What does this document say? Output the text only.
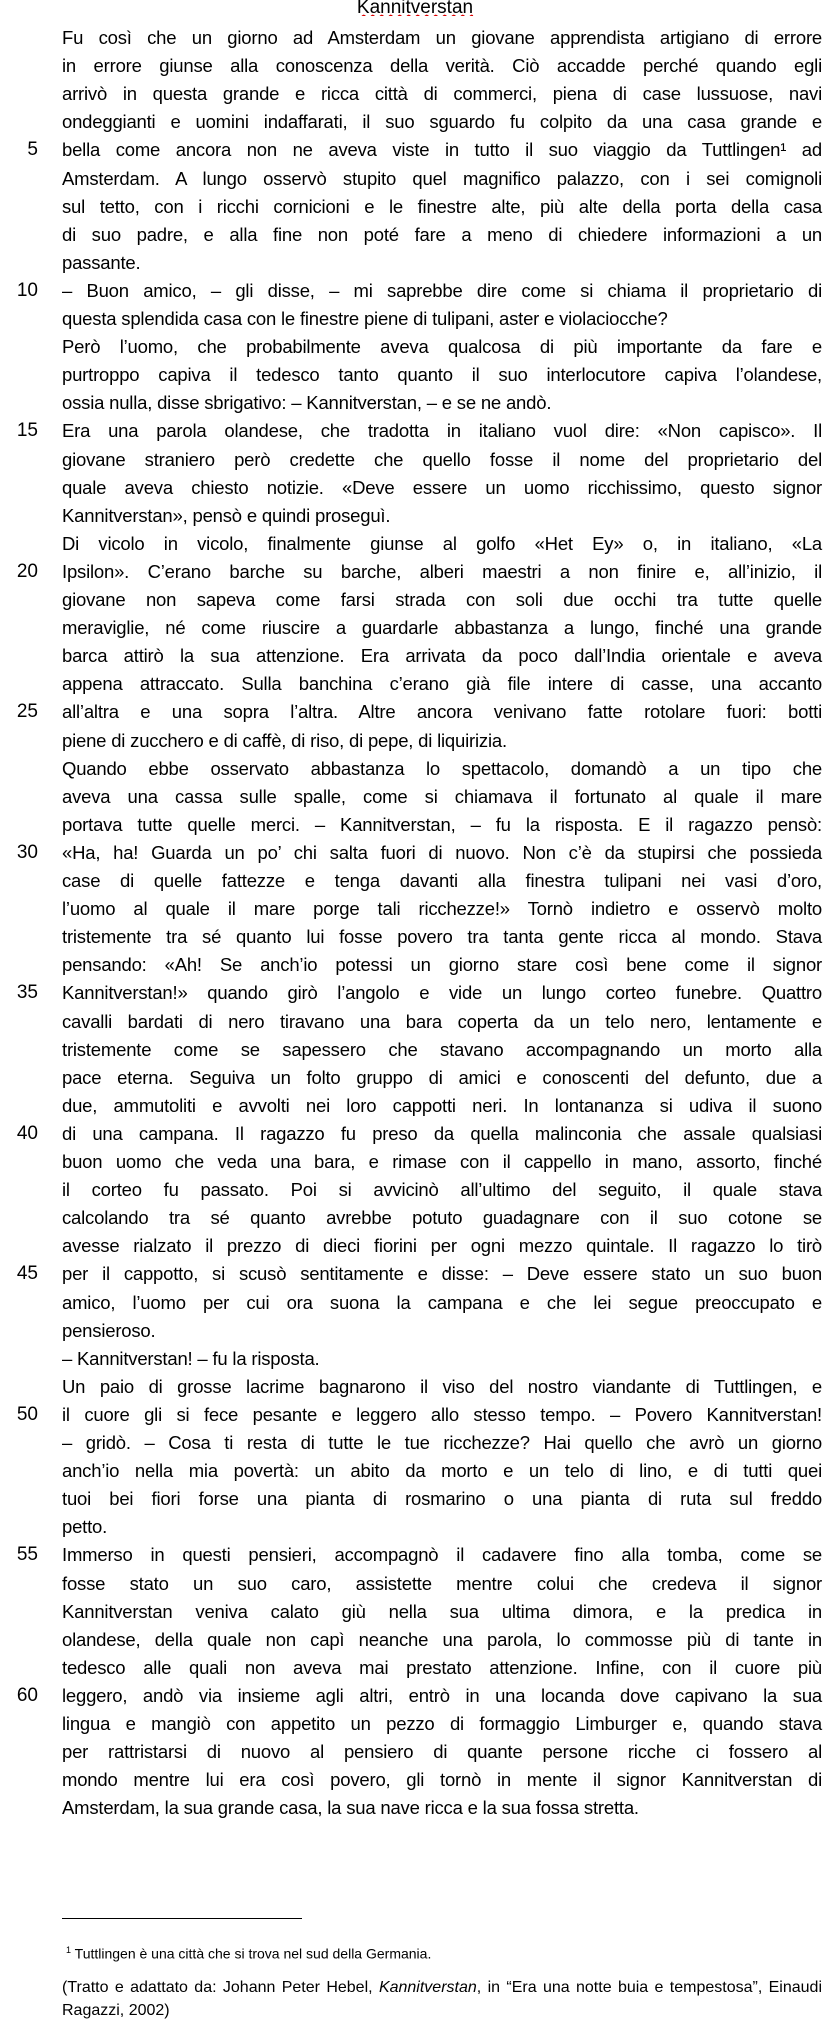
Kannitverstan
Fu così che un giorno ad Amsterdam un giovane apprendista artigiano di errore
in errore giunse alla conoscenza della verità. Ciò accadde perché quando egli
arrivò in questa grande e ricca città di commerci, piena di case lussuose, navi
ondeggianti e uomini indaffarati, il suo sguardo fu colpito da una casa grande e
bella come ancora non ne aveva viste in tutto il suo viaggio da Tuttlingen¹ ad
5
Amsterdam. A lungo osservò stupito quel magnifico palazzo, con i sei comignoli
sul tetto, con i ricchi cornicioni e le finestre alte, più alte della porta della casa
di suo padre, e alla fine non poté fare a meno di chiedere informazioni a un
passante.
– Buon amico, – gli disse, – mi saprebbe dire come si chiama il proprietario di
10
questa splendida casa con le finestre piene di tulipani, aster e violaciocche?
Però l’uomo, che probabilmente aveva qualcosa di più importante da fare e
purtroppo capiva il tedesco tanto quanto il suo interlocutore capiva l’olandese,
ossia nulla, disse sbrigativo: – Kannitverstan, – e se ne andò.
Era una parola olandese, che tradotta in italiano vuol dire: «Non capisco». Il
15
giovane straniero però credette che quello fosse il nome del proprietario del
quale aveva chiesto notizie. «Deve essere un uomo ricchissimo, questo signor
Kannitverstan», pensò e quindi proseguì.
Di vicolo in vicolo, finalmente giunse al golfo «Het Ey» o, in italiano, «La
Ipsilon». C’erano barche su barche, alberi maestri a non finire e, all’inizio, il
20
giovane non sapeva come farsi strada con soli due occhi tra tutte quelle
meraviglie, né come riuscire a guardarle abbastanza a lungo, finché una grande
barca attirò la sua attenzione. Era arrivata da poco dall’India orientale e aveva
appena attraccato. Sulla banchina c’erano già file intere di casse, una accanto
all’altra e una sopra l’altra. Altre ancora venivano fatte rotolare fuori: botti
25
piene di zucchero e di caffè, di riso, di pepe, di liquirizia.
Quando ebbe osservato abbastanza lo spettacolo, domandò a un tipo che
aveva una cassa sulle spalle, come si chiamava il fortunato al quale il mare
portava tutte quelle merci. – Kannitverstan, – fu la risposta. E il ragazzo pensò:
«Ha, ha! Guarda un po’ chi salta fuori di nuovo. Non c’è da stupirsi che possieda
30
case di quelle fattezze e tenga davanti alla finestra tulipani nei vasi d’oro,
l’uomo al quale il mare porge tali ricchezze!» Tornò indietro e osservò molto
tristemente tra sé quanto lui fosse povero tra tanta gente ricca al mondo. Stava
pensando: «Ah! Se anch’io potessi un giorno stare così bene come il signor
Kannitverstan!» quando girò l’angolo e vide un lungo corteo funebre. Quattro
35
cavalli bardati di nero tiravano una bara coperta da un telo nero, lentamente e
tristemente come se sapessero che stavano accompagnando un morto alla
pace eterna. Seguiva un folto gruppo di amici e conoscenti del defunto, due a
due, ammutoliti e avvolti nei loro cappotti neri. In lontananza si udiva il suono
di una campana. Il ragazzo fu preso da quella malinconia che assale qualsiasi
40
buon uomo che veda una bara, e rimase con il cappello in mano, assorto, finché
il corteo fu passato. Poi si avvicinò all’ultimo del seguito, il quale stava
calcolando tra sé quanto avrebbe potuto guadagnare con il suo cotone se
avesse rialzato il prezzo di dieci fiorini per ogni mezzo quintale. Il ragazzo lo tirò
per il cappotto, si scusò sentitamente e disse: – Deve essere stato un suo buon
45
amico, l’uomo per cui ora suona la campana e che lei segue preoccupato e
pensieroso.
– Kannitverstan! – fu la risposta.
Un paio di grosse lacrime bagnarono il viso del nostro viandante di Tuttlingen, e
il cuore gli si fece pesante e leggero allo stesso tempo. – Povero Kannitverstan!
50
– gridò. – Cosa ti resta di tutte le tue ricchezze? Hai quello che avrò un giorno
anch’io nella mia povertà: un abito da morto e un telo di lino, e di tutti quei
tuoi bei fiori forse una pianta di rosmarino o una pianta di ruta sul freddo
petto.
Immerso in questi pensieri, accompagnò il cadavere fino alla tomba, come se
55
fosse stato un suo caro, assistette mentre colui che credeva il signor
Kannitverstan veniva calato giù nella sua ultima dimora, e la predica in
olandese, della quale non capì neanche una parola, lo commosse più di tante in
tedesco alle quali non aveva mai prestato attenzione. Infine, con il cuore più
leggero, andò via insieme agli altri, entrò in una locanda dove capivano la sua
60
lingua e mangiò con appetito un pezzo di formaggio Limburger e, quando stava
per rattristarsi di nuovo al pensiero di quante persone ricche ci fossero al
mondo mentre lui era così povero, gli tornò in mente il signor Kannitverstan di
Amsterdam, la sua grande casa, la sua nave ricca e la sua fossa stretta.
$^1$ Tuttlingen è una città che si trova nel sud della Germania.
(Tratto e adattato da: Johann Peter Hebel, Kannitverstan, in “Era una notte buia e tempestosa”, Einaudi Ragazzi, 2002)
